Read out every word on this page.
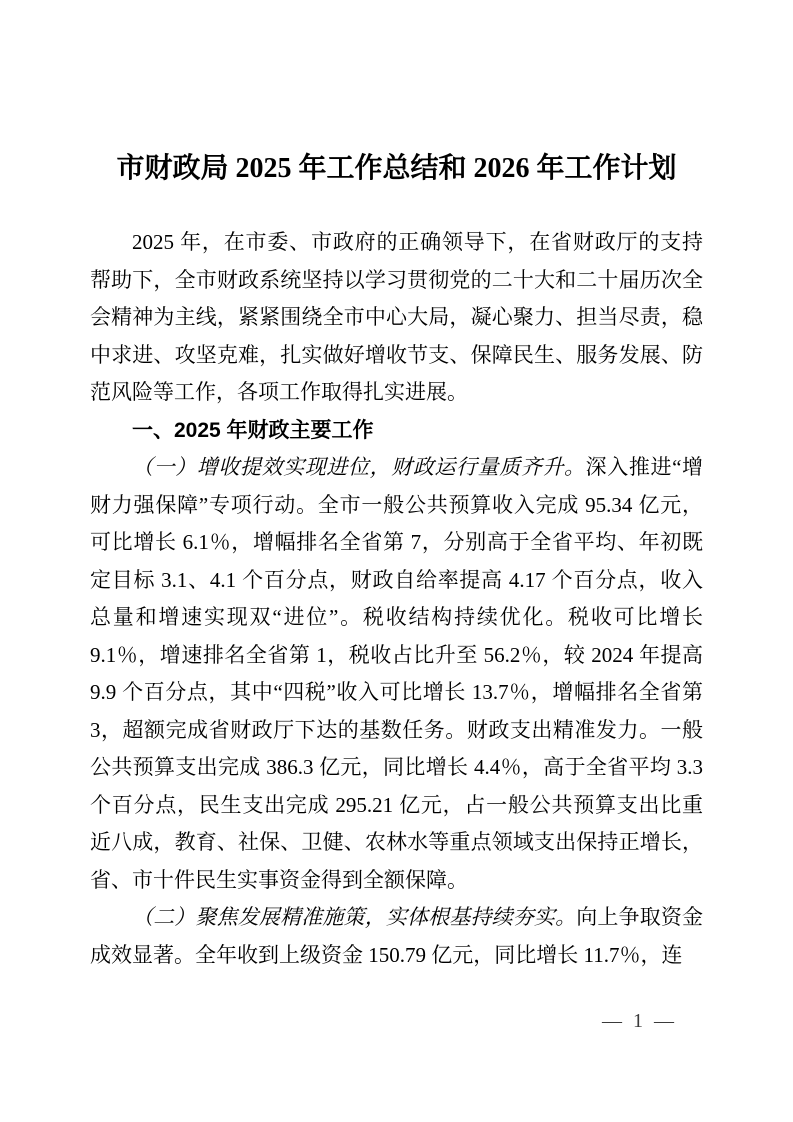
市财政局 2025 年工作总结和 2026 年工作计划

2025 年，在市委、市政府的正确领导下，在省财政厅的支持帮助下，全市财政系统坚持以学习贯彻党的二十大和二十届历次全会精神为主线，紧紧围绕全市中心大局，凝心聚力、担当尽责，稳中求进、攻坚克难，扎实做好增收节支、保障民生、服务发展、防范风险等工作，各项工作取得扎实进展。

一、2025 年财政主要工作

（一）增收提效实现进位，财政运行量质齐升。深入推进“增财力强保障”专项行动。全市一般公共预算收入完成 95.34 亿元，可比增长 6.1％，增幅排名全省第 7，分别高于全省平均、年初既定目标 3.1、4.1 个百分点，财政自给率提高 4.17 个百分点，收入总量和增速实现双“进位”。税收结构持续优化。税收可比增长 9.1％，增速排名全省第 1，税收占比升至 56.2％，较 2024 年提高 9.9 个百分点，其中“四税”收入可比增长 13.7％，增幅排名全省第 3，超额完成省财政厅下达的基数任务。财政支出精准发力。一般公共预算支出完成 386.3 亿元，同比增长 4.4％，高于全省平均 3.3 个百分点，民生支出完成 295.21 亿元，占一般公共预算支出比重近八成，教育、社保、卫健、农林水等重点领域支出保持正增长，省、市十件民生实事资金得到全额保障。

（二）聚焦发展精准施策，实体根基持续夯实。向上争取资金成效显著。全年收到上级资金 150.79 亿元，同比增长 11.7％，连

— 1 —
